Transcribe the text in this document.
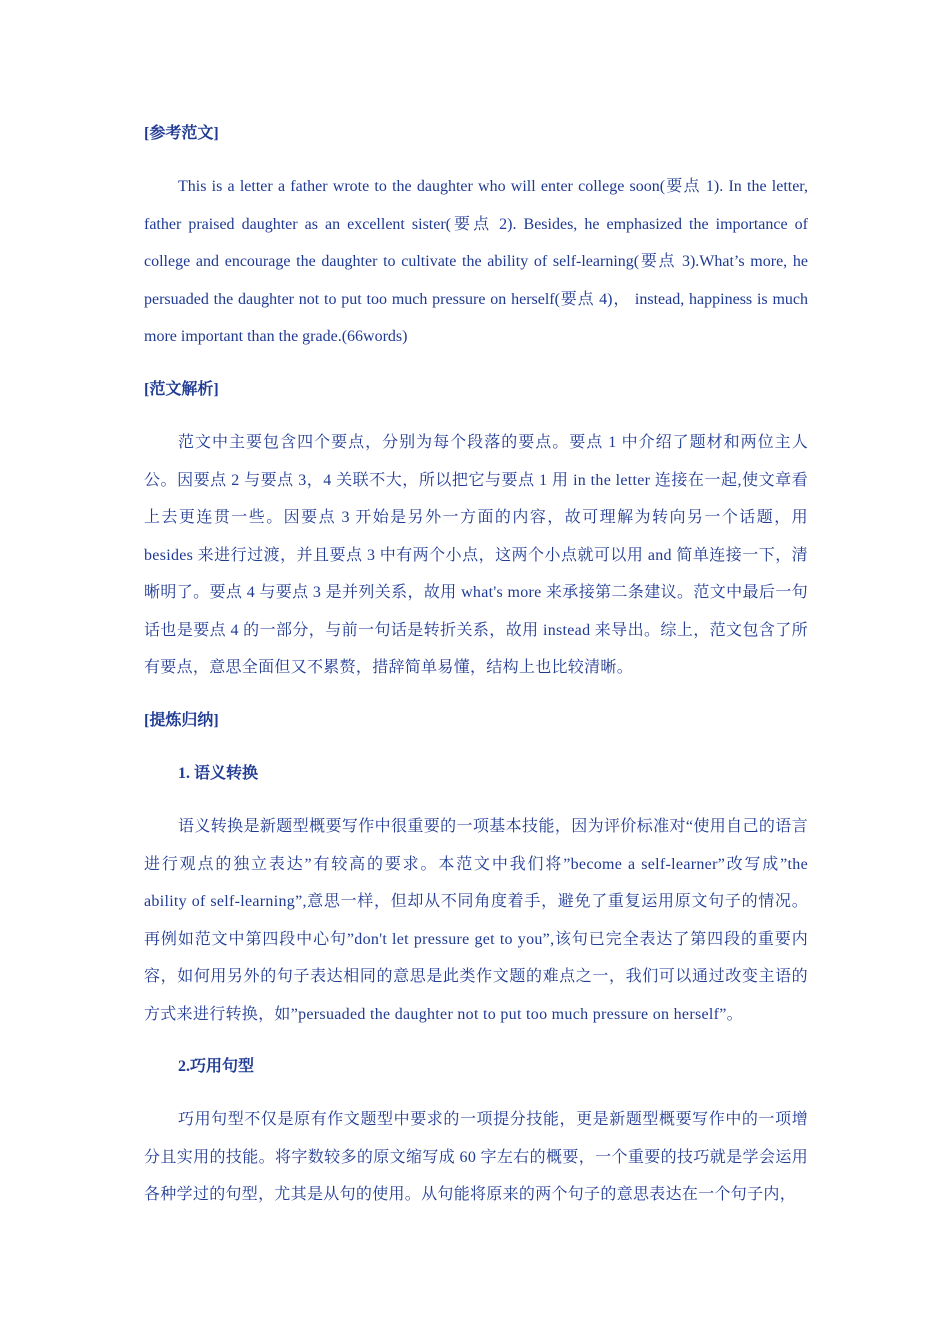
[参考范文]

This is a letter a father wrote to the daughter who will enter college soon(要点 1). In the letter, father praised daughter as an excellent sister(要点 2). Besides, he emphasized the importance of college and encourage the daughter to cultivate the ability of self-learning(要点 3).What’s more, he persuaded the daughter not to put too much pressure on herself(要点 4)， instead, happiness is much more important than the grade.(66words)

[范文解析]

范文中主要包含四个要点，分别为每个段落的要点。要点 1 中介绍了题材和两位主人公。因要点 2 与要点 3，4 关联不大，所以把它与要点 1 用 in the letter 连接在一起,使文章看上去更连贯一些。因要点 3 开始是另外一方面的内容，故可理解为转向另一个话题，用 besides 来进行过渡，并且要点 3 中有两个小点，这两个小点就可以用 and 简单连接一下，清晰明了。要点 4 与要点 3 是并列关系，故用 what's more 来承接第二条建议。范文中最后一句话也是要点 4 的一部分，与前一句话是转折关系，故用 instead 来导出。综上，范文包含了所有要点，意思全面但又不累赘，措辞简单易懂，结构上也比较清晰。

[提炼归纳]

1. 语义转换

语义转换是新题型概要写作中很重要的一项基本技能，因为评价标准对“使用自己的语言进行观点的独立表达”有较高的要求。本范文中我们将”become a self-learner”改写成”the ability of self-learning”,意思一样，但却从不同角度着手，避免了重复运用原文句子的情况。再例如范文中第四段中心句”don't let pressure get to you”,该句已完全表达了第四段的重要内容，如何用另外的句子表达相同的意思是此类作文题的难点之一，我们可以通过改变主语的方式来进行转换，如”persuaded the daughter not to put too much pressure on herself”。

2.巧用句型

巧用句型不仅是原有作文题型中要求的一项提分技能，更是新题型概要写作中的一项增分且实用的技能。将字数较多的原文缩写成 60 字左右的概要，一个重要的技巧就是学会运用各种学过的句型，尤其是从句的使用。从句能将原来的两个句子的意思表达在一个句子内，
